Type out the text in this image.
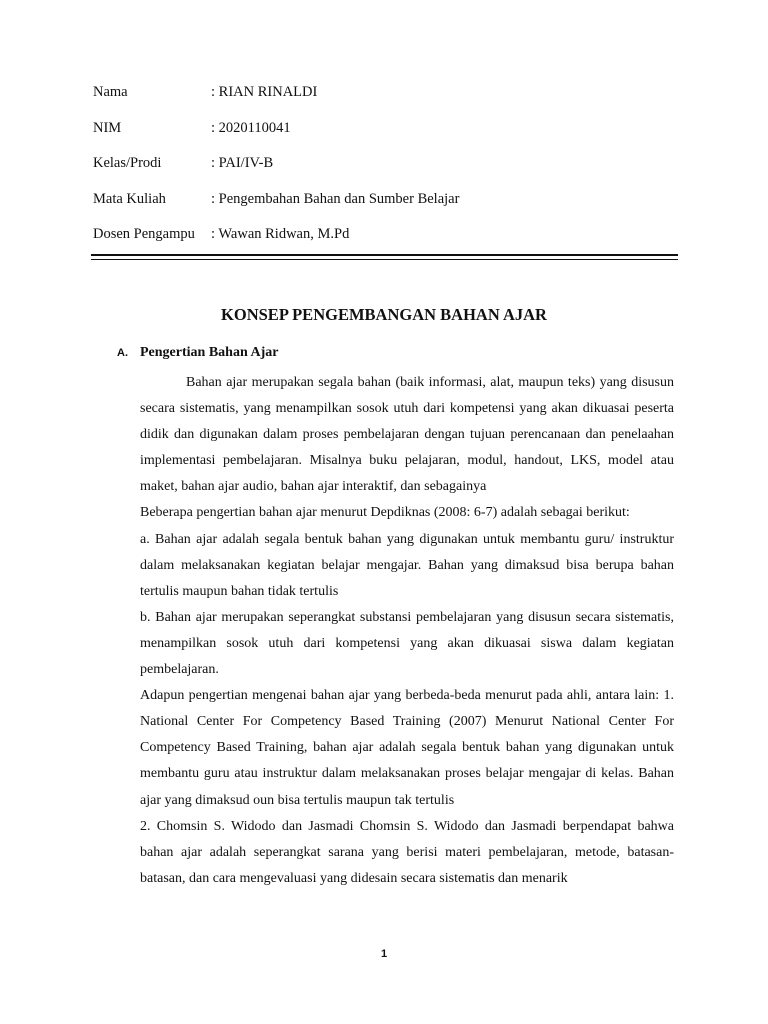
Nama	: RIAN RINALDI
NIM	: 2020110041
Kelas/Prodi	: PAI/IV-B
Mata Kuliah	: Pengembahan Bahan dan Sumber Belajar
Dosen Pengampu	: Wawan Ridwan, M.Pd
KONSEP PENGEMBANGAN BAHAN AJAR
A. Pengertian Bahan Ajar

Bahan ajar merupakan segala bahan (baik informasi, alat, maupun teks) yang disusun secara sistematis, yang menampilkan sosok utuh dari kompetensi yang akan dikuasai peserta didik dan digunakan dalam proses pembelajaran dengan tujuan perencanaan dan penelaahan implementasi pembelajaran. Misalnya buku pelajaran, modul, handout, LKS, model atau maket, bahan ajar audio, bahan ajar interaktif, dan sebagainya

Beberapa pengertian bahan ajar menurut Depdiknas (2008: 6-7) adalah sebagai berikut:

a. Bahan ajar adalah segala bentuk bahan yang digunakan untuk membantu guru/ instruktur dalam melaksanakan kegiatan belajar mengajar. Bahan yang dimaksud bisa berupa bahan tertulis maupun bahan tidak tertulis

b. Bahan ajar merupakan seperangkat substansi pembelajaran yang disusun secara sistematis, menampilkan sosok utuh dari kompetensi yang akan dikuasai siswa dalam kegiatan pembelajaran.

Adapun pengertian mengenai bahan ajar yang berbeda-beda menurut pada ahli, antara lain: 1. National Center For Competency Based Training (2007) Menurut National Center For Competency Based Training, bahan ajar adalah segala bentuk bahan yang digunakan untuk membantu guru atau instruktur dalam melaksanakan proses belajar mengajar di kelas. Bahan ajar yang dimaksud oun bisa tertulis maupun tak tertulis

2. Chomsin S. Widodo dan Jasmadi Chomsin S. Widodo dan Jasmadi berpendapat bahwa bahan ajar adalah seperangkat sarana yang berisi materi pembelajaran, metode, batasan-batasan, dan cara mengevaluasi yang didesain secara sistematis dan menarik

1
